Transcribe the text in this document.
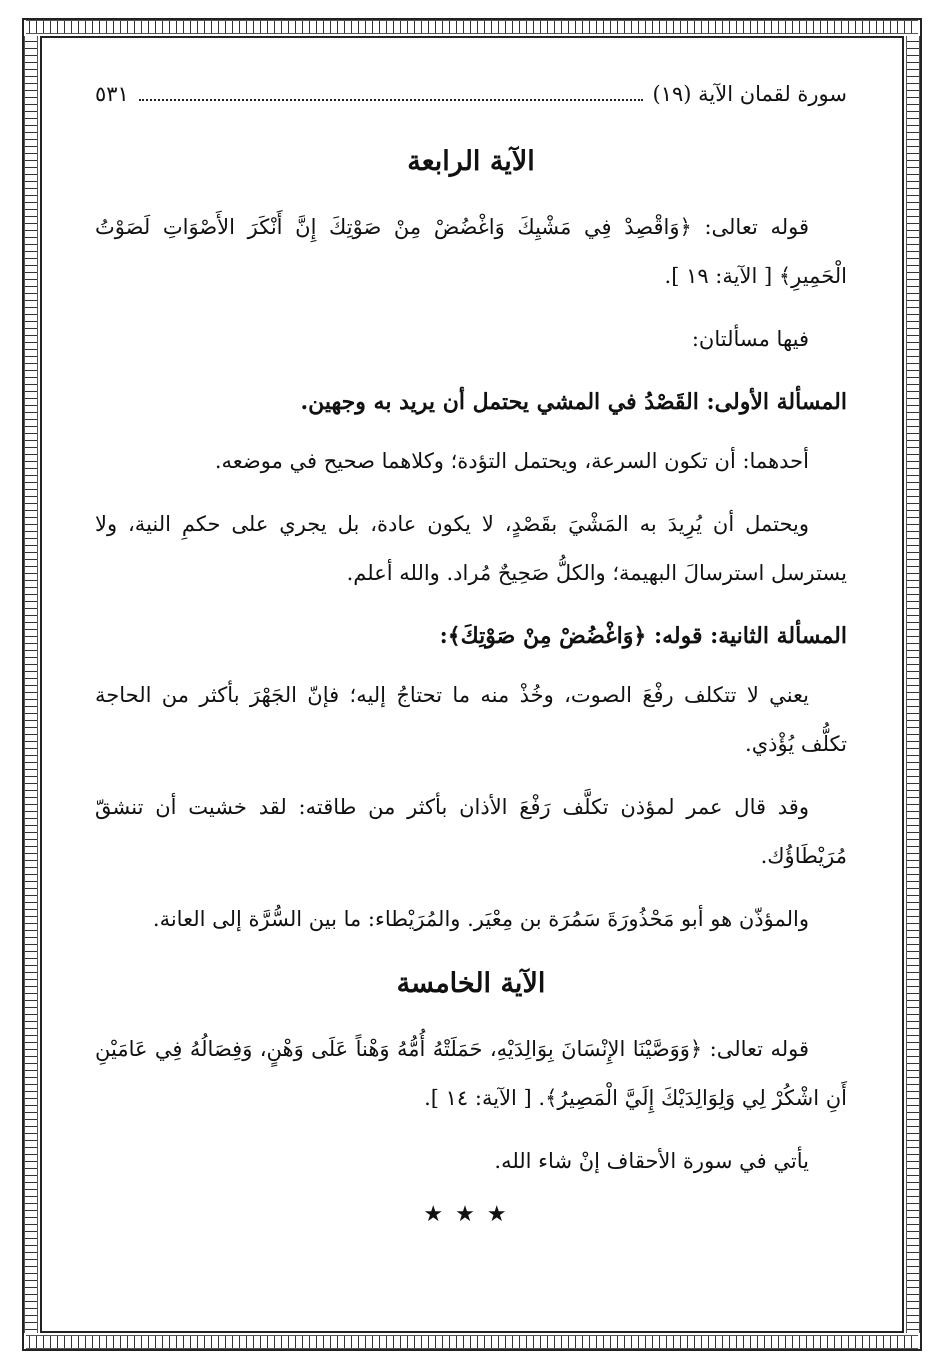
سورة لقمان الآية (١٩)
٥٣١
الآية الرابعة

قوله تعالى: ﴿وَاقْصِدْ فِي مَشْيِكَ وَاغْضُضْ مِنْ صَوْتِكَ إِنَّ أَنْكَرَ الأَصْوَاتِ لَصَوْتُ الْحَمِيرِ﴾ [ الآية: ١٩ ].

فيها مسألتان:

المسألة الأولى: القَصْدُ في المشي يحتمل أن يريد به وجهين.

أحدهما: أن تكون السرعة، ويحتمل التؤدة؛ وكلاهما صحيح في موضعه.

ويحتمل أن يُرِيدَ به المَشْيَ بقَصْدٍ، لا يكون عادة، بل يجري على حكمِ النية، ولا يسترسل استرسالَ البهيمة؛ والكلُّ صَحِيحٌ مُراد. والله أعلم.

المسألة الثانية: قوله: ﴿وَاغْضُضْ مِنْ صَوْتِكَ﴾:

يعني لا تتكلف رفْعَ الصوت، وخُذْ منه ما تحتاجُ إليه؛ فإنّ الجَهْرَ بأكثر من الحاجة تكلُّف يُؤْذي.

وقد قال عمر لمؤذن تكلَّف رَفْعَ الأذان بأكثر من طاقته: لقد خشيت أن تنشقّ مُرَيْطَاؤُك.

والمؤذّن هو أبو مَحْذُورَةَ سَمُرَة بن مِعْيَر. والمُرَيْطاء: ما بين السُّرَّة إلى العانة.

الآية الخامسة

قوله تعالى: ﴿وَوَصَّيْنَا الإِنْسَانَ بِوَالِدَيْهِ، حَمَلَتْهُ أُمُّهُ وَهْناً عَلَى وَهْنٍ، وَفِصَالُهُ فِي عَامَيْنِ أَنِ اشْكُرْ لِي وَلِوَالِدَيْكَ إِلَيَّ الْمَصِيرُ﴾. [ الآية: ١٤ ].

يأتي في سورة الأحقاف إنْ شاء الله.

★★★
